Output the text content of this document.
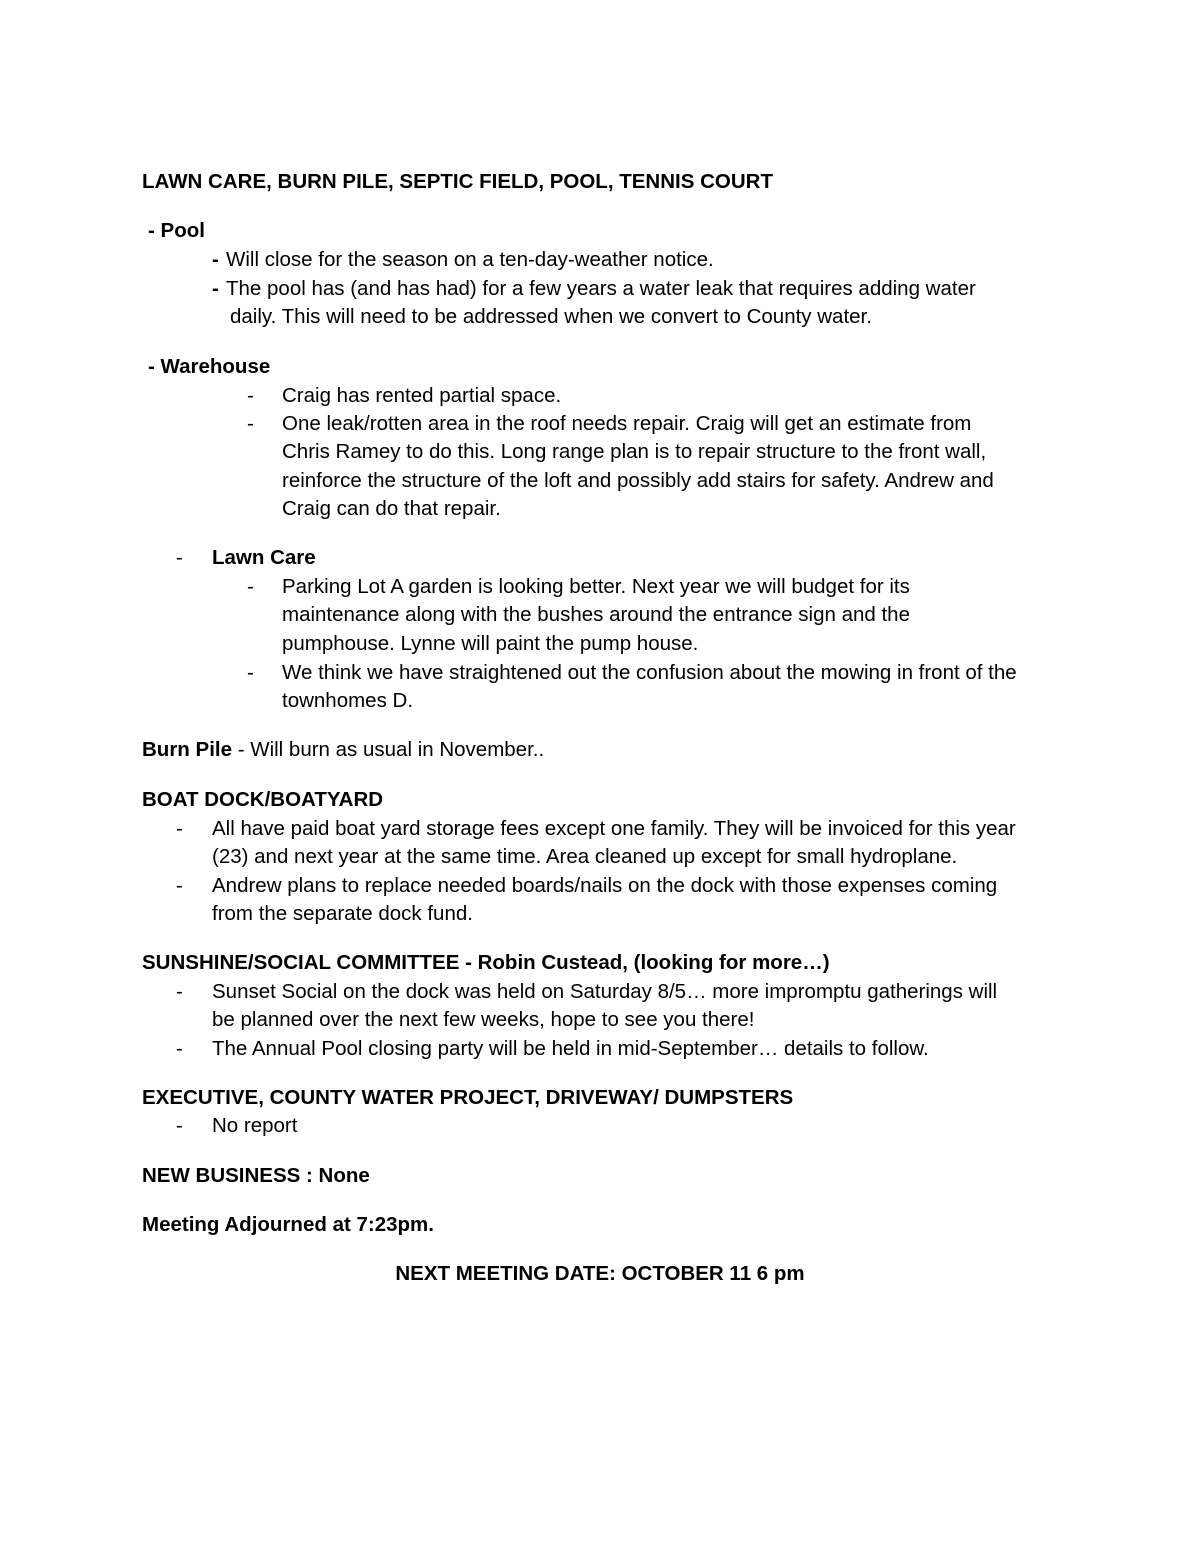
LAWN CARE, BURN PILE, SEPTIC FIELD, POOL, TENNIS COURT

- Pool

- Will close for the season on a ten-day-weather notice.
- The pool has (and has had) for a few years a water leak that requires adding water
daily. This will need to be addressed when we convert to County water.

- Warehouse

- Craig has rented partial space.
- One leak/rotten area in the roof needs repair. Craig will get an estimate from
Chris Ramey to do this. Long range plan is to repair structure to the front wall,
reinforce the structure of the loft and possibly add stairs for safety. Andrew and
Craig can do that repair.
- Lawn Care

- Parking Lot A garden is looking better. Next year we will budget for its
maintenance along with the bushes around the entrance sign and the
pumphouse. Lynne will paint the pump house.
- We think we have straightened out the confusion about the mowing in front of the
townhomes D.

Burn Pile - Will burn as usual in November..

BOAT DOCK/BOATYARD

- All have paid boat yard storage fees except one family. They will be invoiced for this year
(23) and next year at the same time. Area cleaned up except for small hydroplane.
- Andrew plans to replace needed boards/nails on the dock with those expenses coming
from the separate dock fund.

SUNSHINE/SOCIAL COMMITTEE - Robin Custead, (looking for more…)

- Sunset Social on the dock was held on Saturday 8/5… more impromptu gatherings will
be planned over the next few weeks, hope to see you there!
- The Annual Pool closing party will be held in mid-September… details to follow.

EXECUTIVE, COUNTY WATER PROJECT, DRIVEWAY/ DUMPSTERS

- No report

NEW BUSINESS : None

Meeting Adjourned at 7:23pm.

NEXT MEETING DATE: OCTOBER 11 6 pm
